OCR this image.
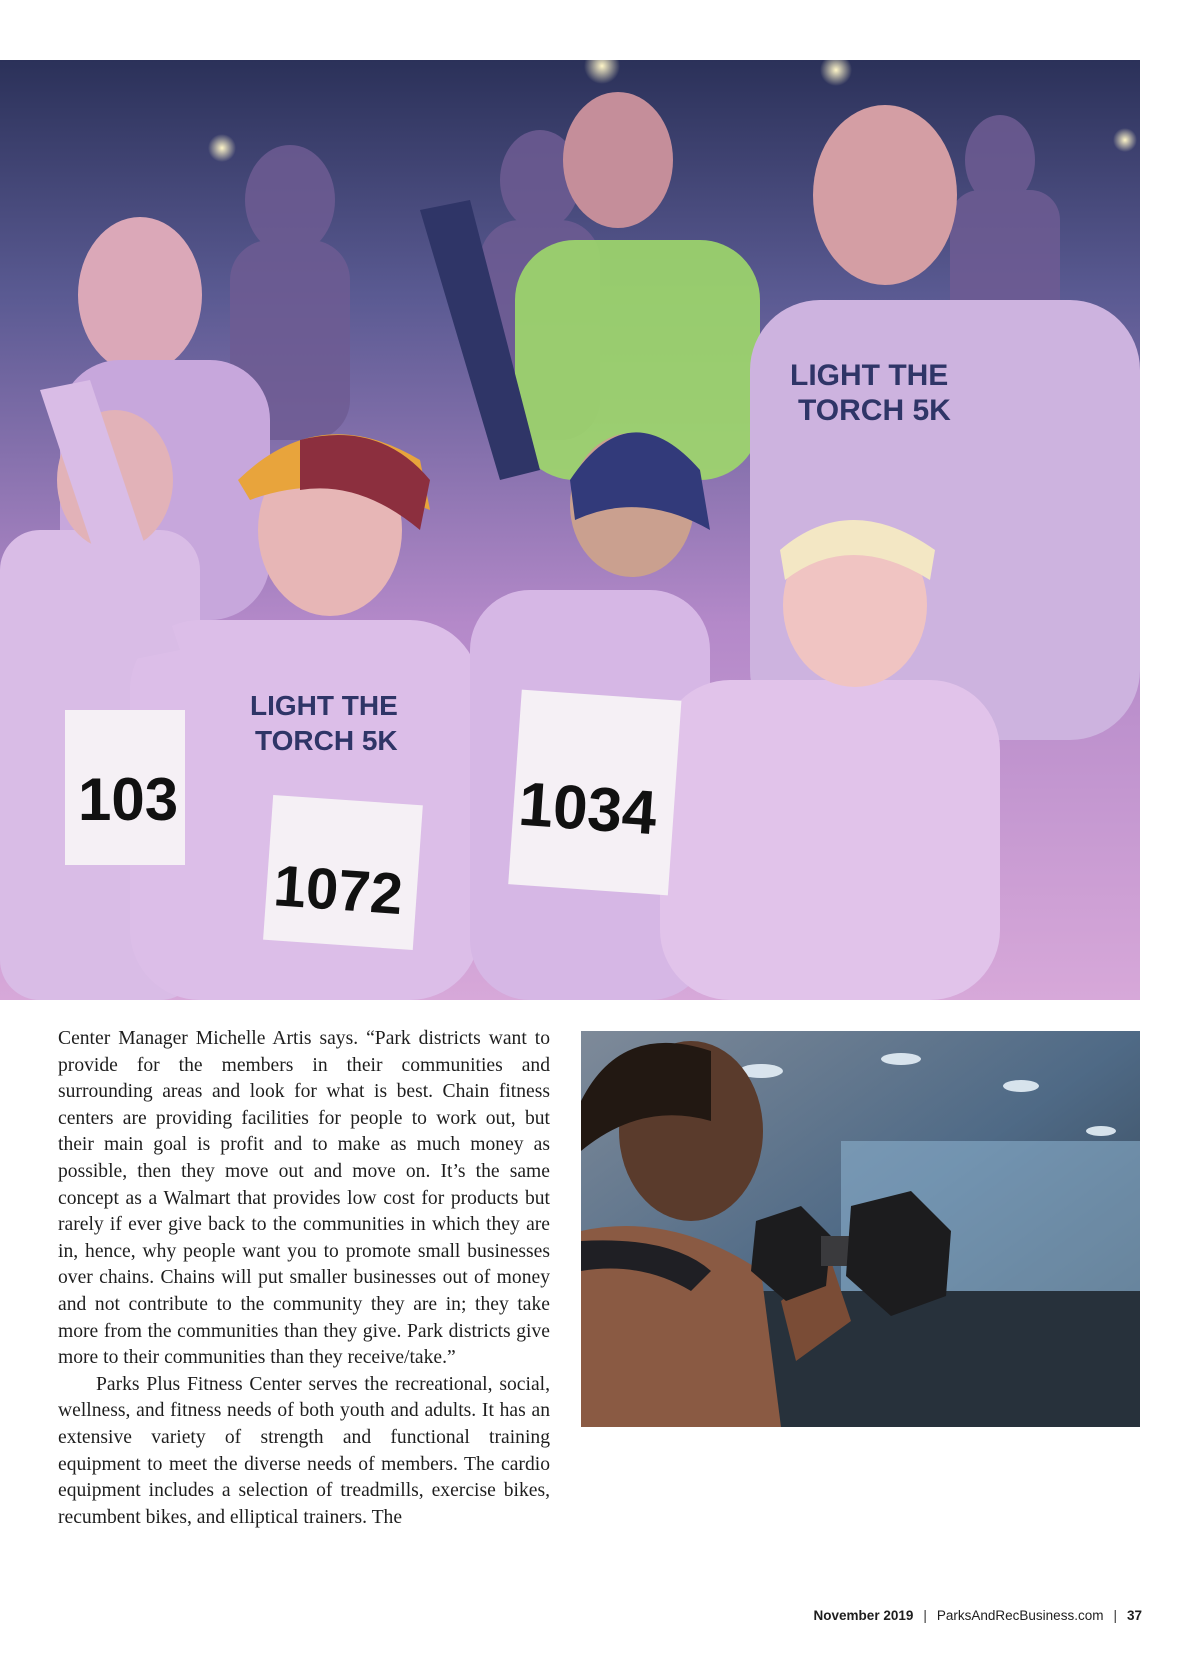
LIGHT THE
TORCH 5K
LIGHT THE
TORCH 5K
103
1072
1034

Center Manager Michelle Artis says. “Park districts want to provide for the members in their communities and surrounding areas and look for what is best. Chain fitness centers are providing facilities for people to work out, but their main goal is profit and to make as much money as possible, then they move out and move on. It’s the same concept as a Walmart that provides low cost for products but rarely if ever give back to the communities in which they are in, hence, why people want you to promote small businesses over chains. Chains will put smaller businesses out of money and not contribute to the community they are in; they take more from the communities than they give. Park districts give more to their communities than they receive/take.”

Parks Plus Fitness Center serves the recreational, social, wellness, and fitness needs of both youth and adults. It has an extensive variety of strength and functional training equipment to meet the diverse needs of members. The cardio equipment includes a selection of treadmills, exercise bikes, recumbent bikes, and elliptical trainers. The

November 2019 | ParksAndRecBusiness.com | 37
